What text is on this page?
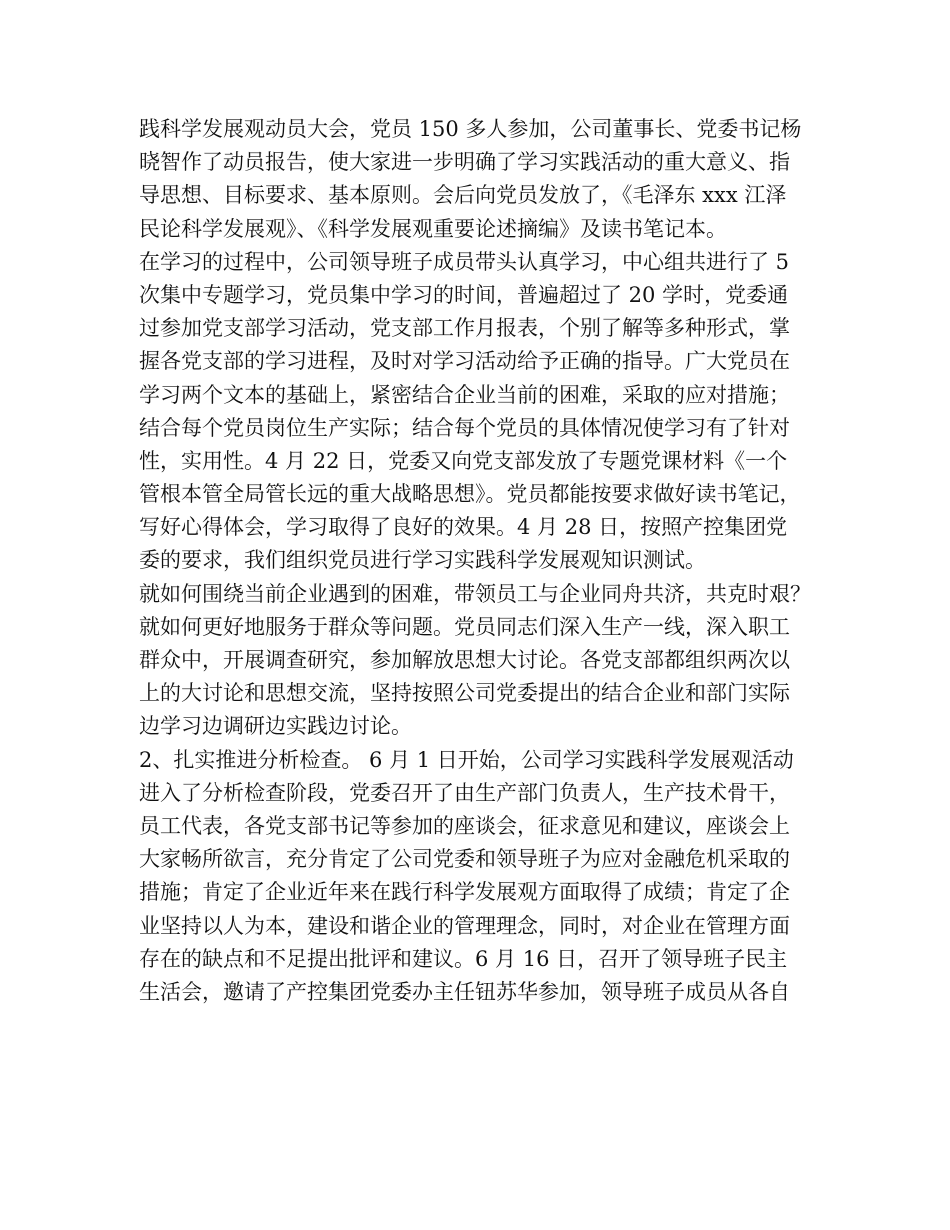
践科学发展观动员大会，党员 150 多人参加，公司董事长、党委书记杨
晓智作了动员报告，使大家进一步明确了学习实践活动的重大意义、指
导思想、目标要求、基本原则。会后向党员发放了，《毛泽东 xxx 江泽
民论科学发展观》、《科学发展观重要论述摘编》及读书笔记本。
在学习的过程中，公司领导班子成员带头认真学习，中心组共进行了 5
次集中专题学习，党员集中学习的时间，普遍超过了 20 学时，党委通
过参加党支部学习活动，党支部工作月报表，个别了解等多种形式，掌
握各党支部的学习进程，及时对学习活动给予正确的指导。广大党员在
学习两个文本的基础上，紧密结合企业当前的困难，采取的应对措施；
结合每个党员岗位生产实际；结合每个党员的具体情况使学习有了针对
性，实用性。4 月 22 日，党委又向党支部发放了专题党课材料《一个
管根本管全局管长远的重大战略思想》。党员都能按要求做好读书笔记，
写好心得体会，学习取得了良好的效果。4 月 28 日，按照产控集团党
委的要求，我们组织党员进行学习实践科学发展观知识测试。
就如何围绕当前企业遇到的困难，带领员工与企业同舟共济，共克时艰？
就如何更好地服务于群众等问题。党员同志们深入生产一线，深入职工
群众中，开展调查研究，参加解放思想大讨论。各党支部都组织两次以
上的大讨论和思想交流，坚持按照公司党委提出的结合企业和部门实际
边学习边调研边实践边讨论。
2、扎实推进分析检查。 6 月 1 日开始，公司学习实践科学发展观活动
进入了分析检查阶段，党委召开了由生产部门负责人，生产技术骨干，
员工代表，各党支部书记等参加的座谈会，征求意见和建议，座谈会上
大家畅所欲言，充分肯定了公司党委和领导班子为应对金融危机采取的
措施；肯定了企业近年来在践行科学发展观方面取得了成绩；肯定了企
业坚持以人为本，建设和谐企业的管理理念，同时，对企业在管理方面
存在的缺点和不足提出批评和建议。6 月 16 日，召开了领导班子民主
生活会，邀请了产控集团党委办主任钮苏华参加，领导班子成员从各自
